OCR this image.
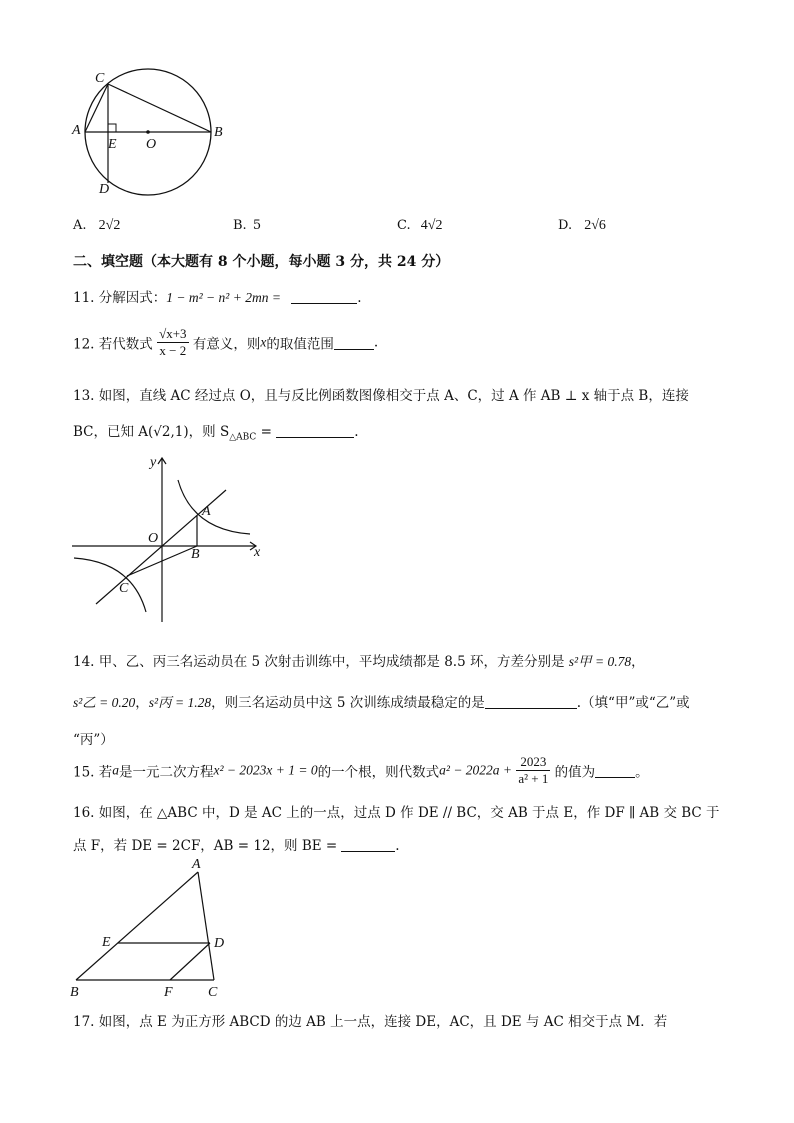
C
A
E O
B
D
A. 2√2	B. 5	C. 4√2	D. 2√6
二、填空题（本大题有 8 个小题，每小题 3 分，共 24 分）
11. 分解因式：1 − m² − n² + 2mn =	.
12. 若代数式 $\frac{√x+3}{x - 2}$ 有意义，则x的取值范围	.
13. 如图，直线 AC 经过点 O，且与反比例函数图像相交于点 A、C，过 A 作 AB ⊥ x 轴于点 B，连接
BC，已知 A(√2,1)，则 $S_{\triangle ABC}$ =	.
y
x
O
A
B
C
14. 甲、乙、丙三名运动员在 5 次射击训练中，平均成绩都是 8.5 环，方差分别是 s²甲 = 0.78，
s²乙 = 0.20，s²丙 = 1.28，则三名运动员中这 5 次训练成绩最稳定的是	.（填“甲”或“乙”或
“丙”）
15. 若a是一元二次方程x² − 2023x + 1 = 0的一个根，则代数式$a^2 - 2022a + \frac{2023}{\text{a² + 1}}$ 的值为	。
16. 如图，在 △ABC 中，D 是 AC 上的一点，过点 D 作 DE // BC，交 AB 于点 E，作 DF ∥ AB 交 BC 于
点 F，若 DE = 2CF，AB = 12，则 BE =	.
A
E	D
B	F	C
17. 如图，点 E 为正方形 ABCD 的边 AB 上一点，连接 DE，AC，且 DE 与 AC 相交于点 M．若
